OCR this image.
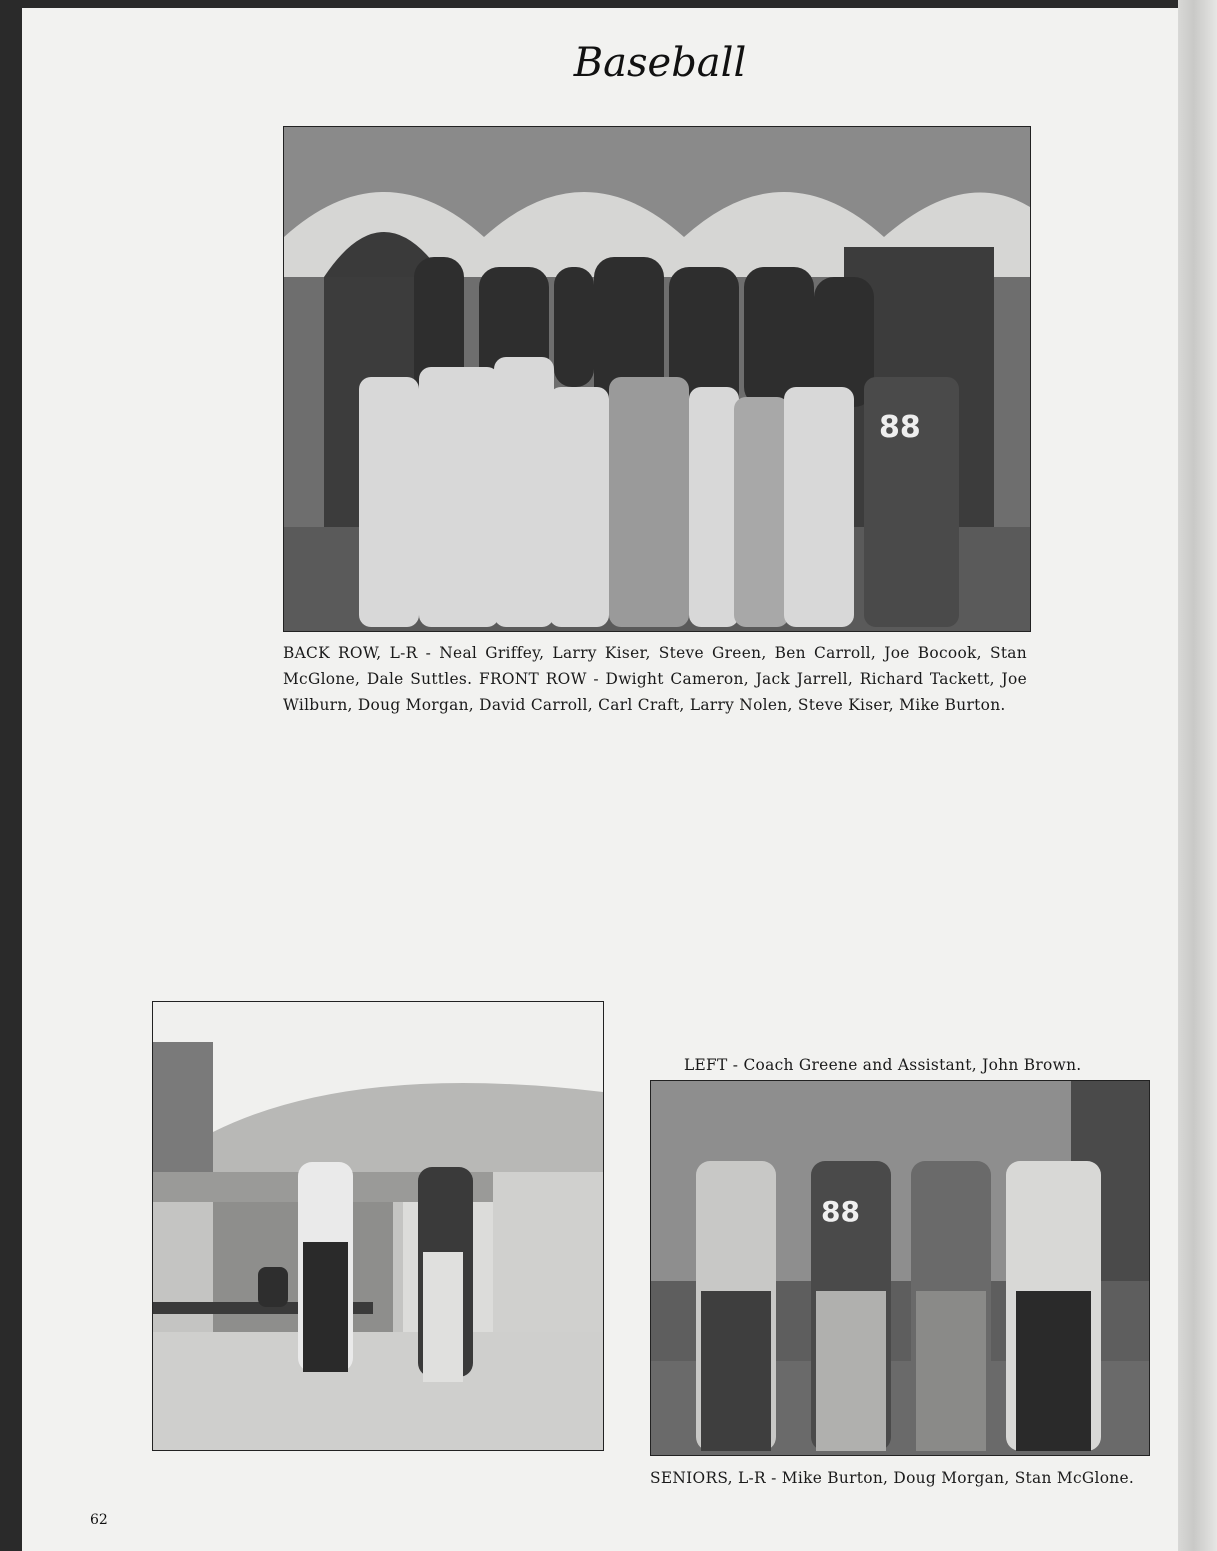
Baseball
88

BACK ROW, L-R - Neal Griffey, Larry Kiser, Steve Green, Ben Carroll, Joe Bocook, Stan McGlone, Dale Suttles. FRONT ROW - Dwight Cameron, Jack Jarrell, Richard Tackett, Joe Wilburn, Doug Morgan, David Carroll, Carl Craft, Larry Nolen, Steve Kiser, Mike Burton.

LEFT - Coach Greene and Assistant, John Brown.

88

SENIORS, L-R - Mike Burton, Doug Morgan, Stan McGlone.

62
